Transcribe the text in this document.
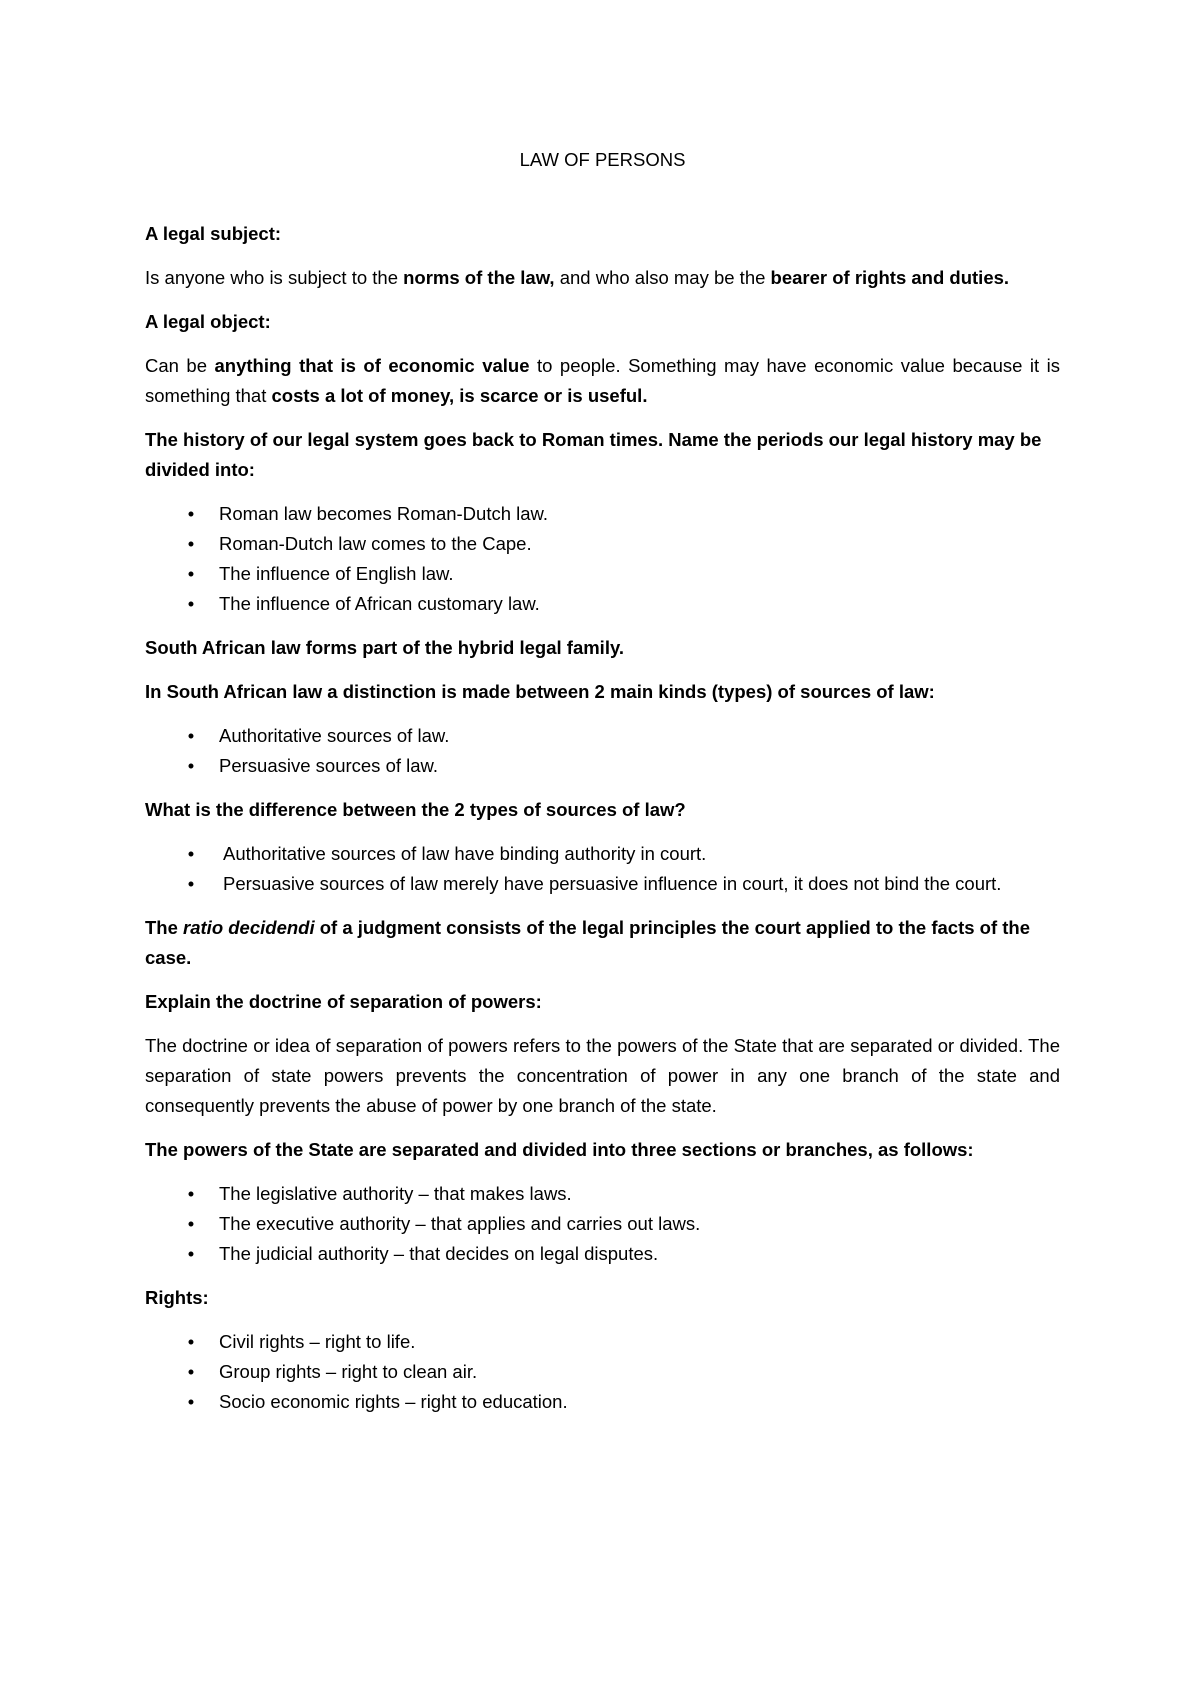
LAW OF PERSONS
A legal subject:

Is anyone who is subject to the norms of the law, and who also may be the bearer of rights and duties.

A legal object:

Can be anything that is of economic value to people. Something may have economic value because it is something that costs a lot of money, is scarce or is useful.

The history of our legal system goes back to Roman times. Name the periods our legal history may be divided into:
• Roman law becomes Roman-Dutch law.
• Roman-Dutch law comes to the Cape.
• The influence of English law.
• The influence of African customary law.
South African law forms part of the hybrid legal family.
In South African law a distinction is made between 2 main kinds (types) of sources of law:
• Authoritative sources of law.
• Persuasive sources of law.
What is the difference between the 2 types of sources of law?
• Authoritative sources of law have binding authority in court.
• Persuasive sources of law merely have persuasive influence in court, it does not bind the court.
The ratio decidendi of a judgment consists of the legal principles the court applied to the facts of the case.
Explain the doctrine of separation of powers:

The doctrine or idea of separation of powers refers to the powers of the State that are separated or divided. The separation of state powers prevents the concentration of power in any one branch of the state and consequently prevents the abuse of power by one branch of the state.

The powers of the State are separated and divided into three sections or branches, as follows:
• The legislative authority – that makes laws.
• The executive authority – that applies and carries out laws.
• The judicial authority – that decides on legal disputes.
Rights:
• Civil rights – right to life.
• Group rights – right to clean air.
• Socio economic rights – right to education.
